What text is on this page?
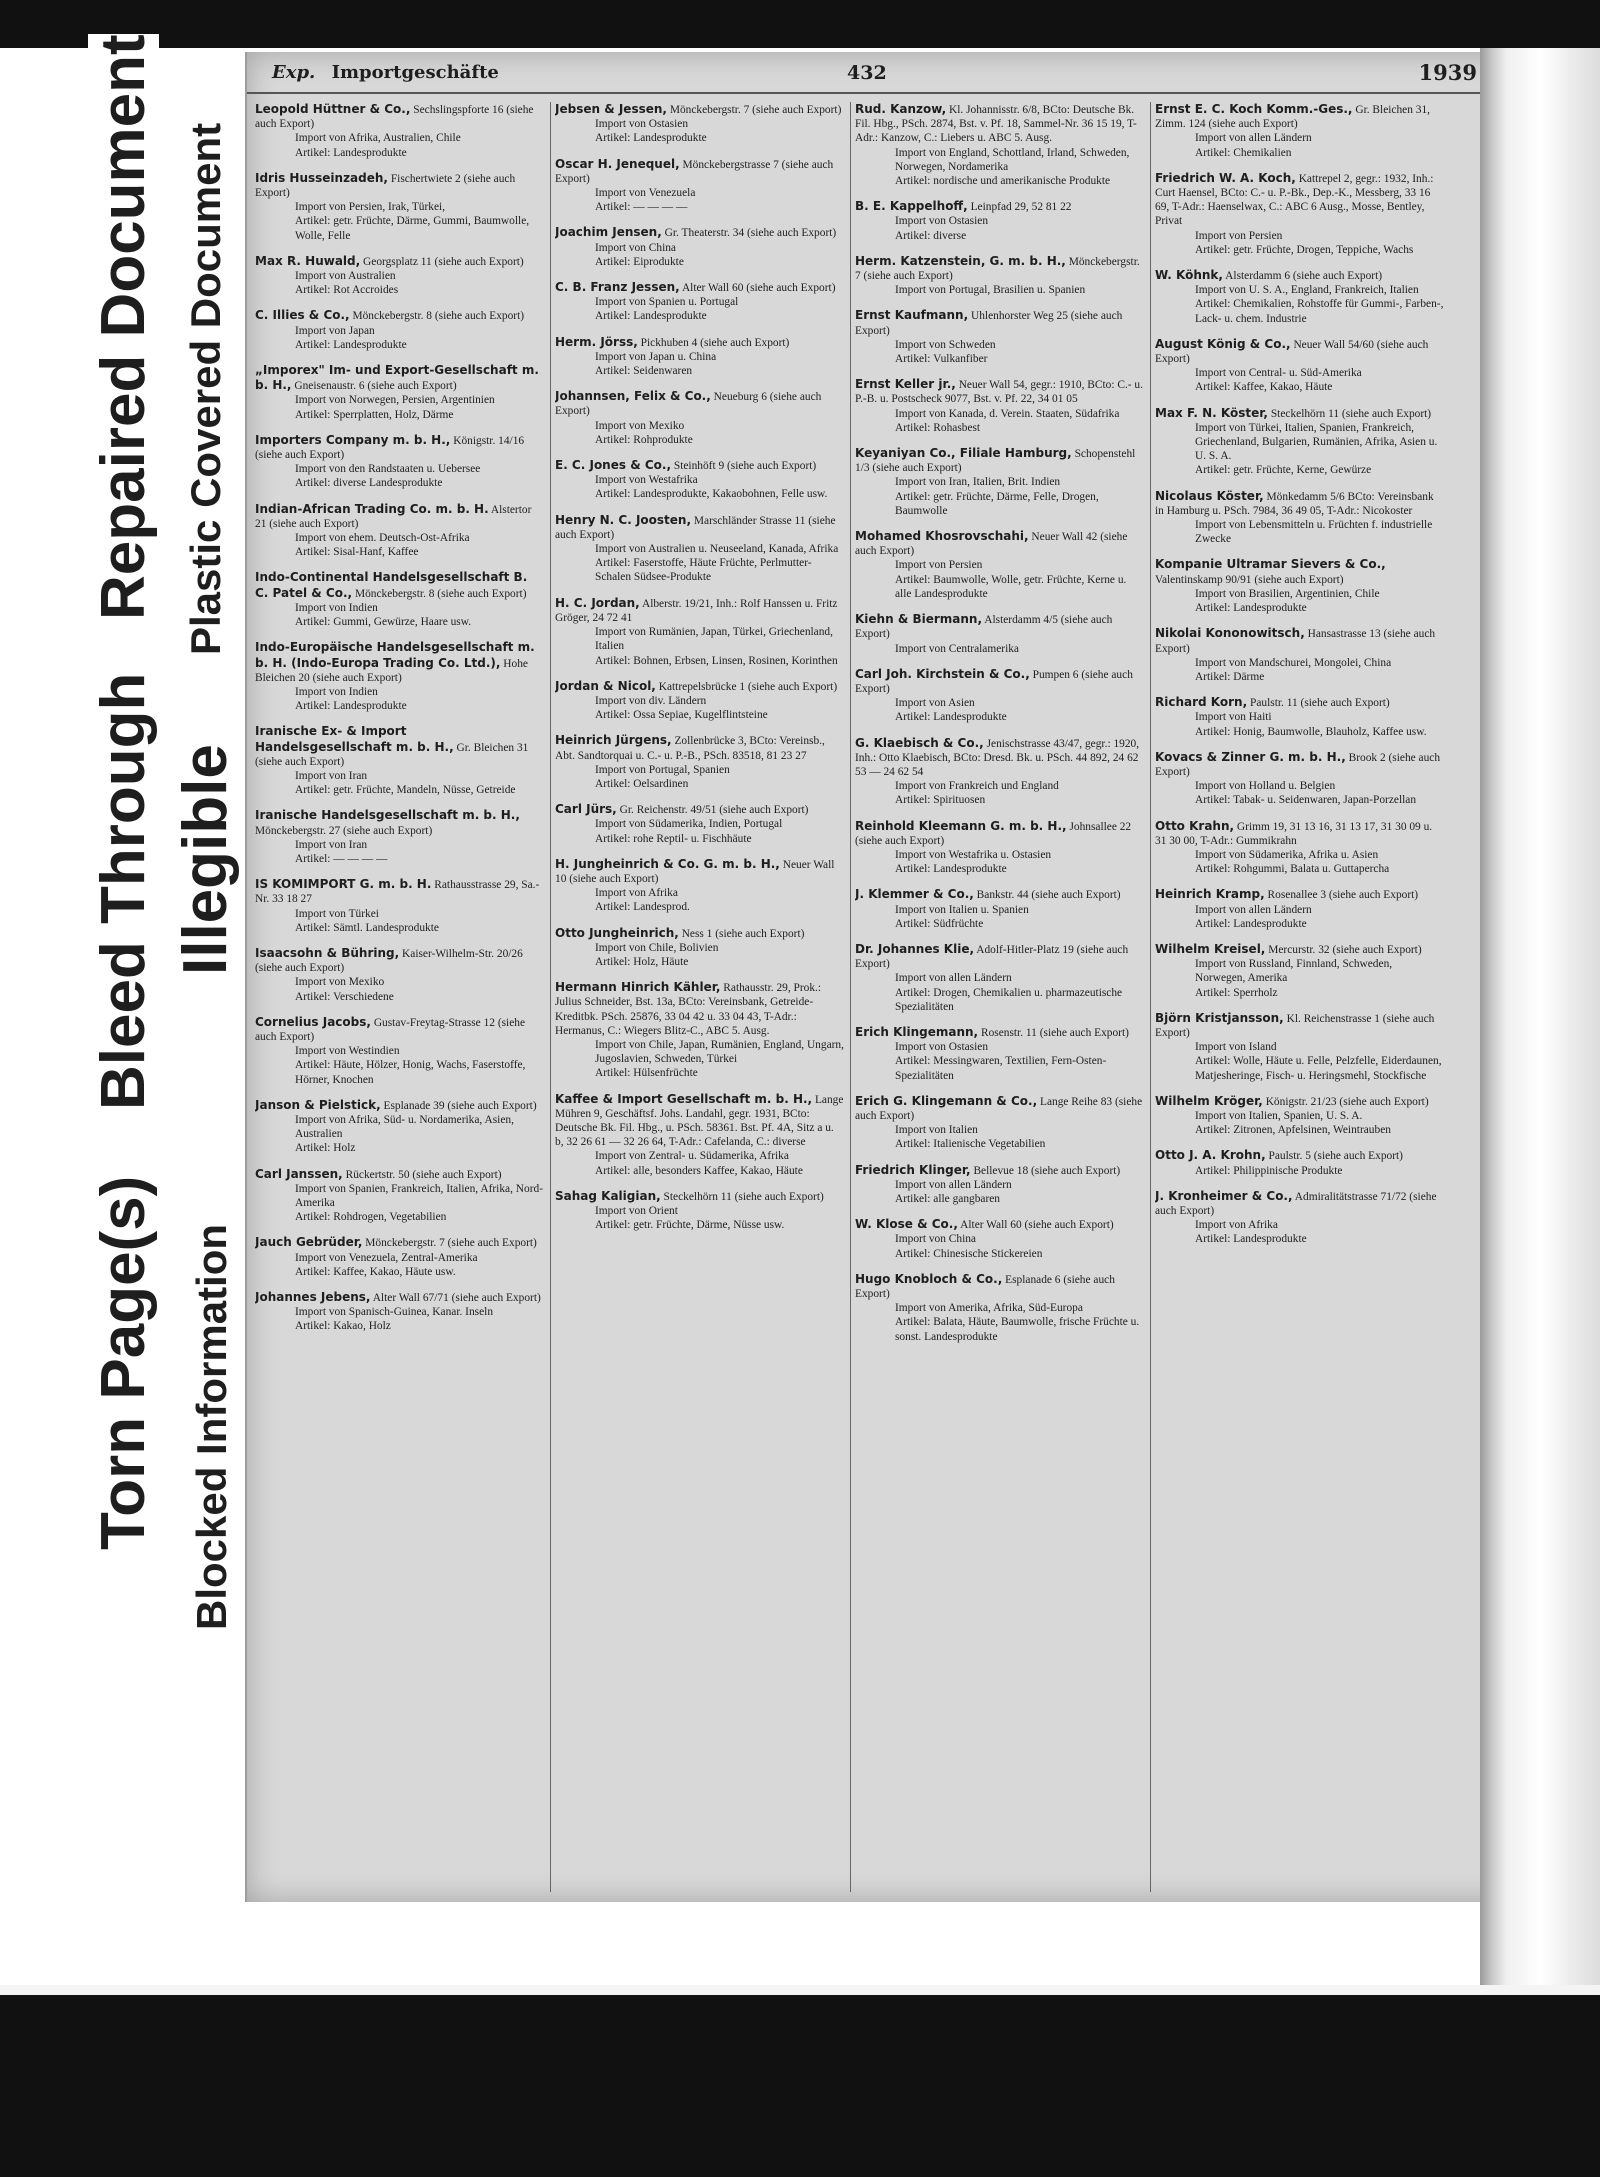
Repaired Document Plastic Covered Document
Bleed Through Illegible
Torn Page(s) Blocked Information
Exp. Importgeschäfte	432	1939
Leopold Hüttner & Co., Sechslingspforte 16 (siehe auch Export)
Import von Afrika, Australien, Chile
Artikel: Landesprodukte
Idris Husseinzadeh, Fischertwiete 2 (siehe auch Export)
Import von Persien, Irak, Türkei,
Artikel: getr. Früchte, Därme, Gummi, Baumwolle, Wolle, Felle
Max R. Huwald, Georgsplatz 11 (siehe auch Export)
Import von Australien
Artikel: Rot Accroides
C. Illies & Co., Mönckebergstr. 8 (siehe auch Export)
Import von Japan
Artikel: Landesprodukte
„Imporex" Im- und Export-Gesellschaft m. b. H., Gneisenaustr. 6 (siehe auch Export)
Import von Norwegen, Persien, Argentinien
Artikel: Sperrplatten, Holz, Därme
Importers Company m. b. H., Königstr. 14/16 (siehe auch Export)
Import von den Randstaaten u. Uebersee
Artikel: diverse Landesprodukte
Indian-African Trading Co. m. b. H. Alstertor 21 (siehe auch Export)
Import von ehem. Deutsch-Ost-Afrika
Artikel: Sisal-Hanf, Kaffee
Indo-Continental Handelsgesellschaft B. C. Patel & Co., Mönckebergstr. 8 (siehe auch Export)
Import von Indien
Artikel: Gummi, Gewürze, Haare usw.
Indo-Europäische Handelsgesellschaft m. b. H. (Indo-Europa Trading Co. Ltd.), Hohe Bleichen 20 (siehe auch Export)
Import von Indien
Artikel: Landesprodukte
Iranische Ex- & Import Handelsgesellschaft m. b. H., Gr. Bleichen 31 (siehe auch Export)
Import von Iran
Artikel: getr. Früchte, Mandeln, Nüsse, Getreide
Iranische Handelsgesellschaft m. b. H., Mönckebergstr. 27 (siehe auch Export)
Import von Iran
Artikel: — — — —
IS KOMIMPORT G. m. b. H. Rathausstrasse 29, Sa.-Nr. 33 18 27
Import von Türkei
Artikel: Sämtl. Landesprodukte
Isaacsohn & Bühring, Kaiser-Wilhelm-Str. 20/26 (siehe auch Export)
Import von Mexiko
Artikel: Verschiedene
Cornelius Jacobs, Gustav-Freytag-Strasse 12 (siehe auch Export)
Import von Westindien
Artikel: Häute, Hölzer, Honig, Wachs, Faserstoffe, Hörner, Knochen
Janson & Pielstick, Esplanade 39 (siehe auch Export)
Import von Afrika, Süd- u. Nordamerika, Asien, Australien
Artikel: Holz
Carl Janssen, Rückertstr. 50 (siehe auch Export)
Import von Spanien, Frankreich, Italien, Afrika, Nord-Amerika
Artikel: Rohdrogen, Vegetabilien
Jauch Gebrüder, Mönckebergstr. 7 (siehe auch Export)
Import von Venezuela, Zentral-Amerika
Artikel: Kaffee, Kakao, Häute usw.
Johannes Jebens, Alter Wall 67/71 (siehe auch Export)
Import von Spanisch-Guinea, Kanar. Inseln
Artikel: Kakao, Holz
Jebsen & Jessen, Mönckebergstr. 7 (siehe auch Export)
Import von Ostasien
Artikel: Landesprodukte
Oscar H. Jenequel, Mönckebergstrasse 7 (siehe auch Export)
Import von Venezuela
Artikel: — — — —
Joachim Jensen, Gr. Theaterstr. 34 (siehe auch Export)
Import von China
Artikel: Eiprodukte
C. B. Franz Jessen, Alter Wall 60 (siehe auch Export)
Import von Spanien u. Portugal
Artikel: Landesprodukte
Herm. Jörss, Pickhuben 4 (siehe auch Export)
Import von Japan u. China
Artikel: Seidenwaren
Johannsen, Felix & Co., Neueburg 6 (siehe auch Export)
Import von Mexiko
Artikel: Rohprodukte
E. C. Jones & Co., Steinhöft 9 (siehe auch Export)
Import von Westafrika
Artikel: Landesprodukte, Kakaobohnen, Felle usw.
Henry N. C. Joosten, Marschländer Strasse 11 (siehe auch Export)
Import von Australien u. Neuseeland, Kanada, Afrika
Artikel: Faserstoffe, Häute Früchte, Perlmutter-Schalen Südsee-Produkte
H. C. Jordan, Alberstr. 19/21, Inh.: Rolf Hanssen u. Fritz Gröger, 24 72 41
Import von Rumänien, Japan, Türkei, Griechenland, Italien
Artikel: Bohnen, Erbsen, Linsen, Rosinen, Korinthen
Jordan & Nicol, Kattrepelsbrücke 1 (siehe auch Export)
Import von div. Ländern
Artikel: Ossa Sepiae, Kugelflintsteine
Heinrich Jürgens, Zollenbrücke 3, BCto: Vereinsb., Abt. Sandtorquai u. C.- u. P.-B., PSch. 83518, 81 23 27
Import von Portugal, Spanien
Artikel: Oelsardinen
Carl Jürs, Gr. Reichenstr. 49/51 (siehe auch Export)
Import von Südamerika, Indien, Portugal
Artikel: rohe Reptil- u. Fischhäute
H. Jungheinrich & Co. G. m. b. H., Neuer Wall 10 (siehe auch Export)
Import von Afrika
Artikel: Landesprod.
Otto Jungheinrich, Ness 1 (siehe auch Export)
Import von Chile, Bolivien
Artikel: Holz, Häute
Hermann Hinrich Kähler, Rathausstr. 29, Prok.: Julius Schneider, Bst. 13a, BCto: Vereinsbank, Getreide-Kreditbk. PSch. 25876, 33 04 42 u. 33 04 43, T-Adr.: Hermanus, C.: Wiegers Blitz-C., ABC 5. Ausg.
Import von Chile, Japan, Rumänien, England, Ungarn, Jugoslavien, Schweden, Türkei
Artikel: Hülsenfrüchte
Kaffee & Import Gesellschaft m. b. H., Lange Mühren 9, Geschäftsf. Johs. Landahl, gegr. 1931, BCto: Deutsche Bk. Fil. Hbg., u. PSch. 58361. Bst. Pf. 4A, Sitz a u. b, 32 26 61 — 32 26 64, T-Adr.: Cafelanda, C.: diverse
Import von Zentral- u. Südamerika, Afrika
Artikel: alle, besonders Kaffee, Kakao, Häute
Sahag Kaligian, Steckelhörn 11 (siehe auch Export)
Import von Orient
Artikel: getr. Früchte, Därme, Nüsse usw.
Rud. Kanzow, Kl. Johannisstr. 6/8, BCto: Deutsche Bk. Fil. Hbg., PSch. 2874, Bst. v. Pf. 18, Sammel-Nr. 36 15 19, T-Adr.: Kanzow, C.: Liebers u. ABC 5. Ausg.
Import von England, Schottland, Irland, Schweden, Norwegen, Nordamerika
Artikel: nordische und amerikanische Produkte
B. E. Kappelhoff, Leinpfad 29, 52 81 22
Import von Ostasien
Artikel: diverse
Herm. Katzenstein, G. m. b. H., Mönckebergstr. 7 (siehe auch Export)
Import von Portugal, Brasilien u. Spanien
Ernst Kaufmann, Uhlenhorster Weg 25 (siehe auch Export)
Import von Schweden
Artikel: Vulkanfiber
Ernst Keller jr., Neuer Wall 54, gegr.: 1910, BCto: C.- u. P.-B. u. Postscheck 9077, Bst. v. Pf. 22, 34 01 05
Import von Kanada, d. Verein. Staaten, Südafrika
Artikel: Rohasbest
Keyaniyan Co., Filiale Hamburg, Schopenstehl 1/3 (siehe auch Export)
Import von Iran, Italien, Brit. Indien
Artikel: getr. Früchte, Därme, Felle, Drogen, Baumwolle
Mohamed Khosrovschahi, Neuer Wall 42 (siehe auch Export)
Import von Persien
Artikel: Baumwolle, Wolle, getr. Früchte, Kerne u. alle Landesprodukte
Kiehn & Biermann, Alsterdamm 4/5 (siehe auch Export)
Import von Centralamerika
Carl Joh. Kirchstein & Co., Pumpen 6 (siehe auch Export)
Import von Asien
Artikel: Landesprodukte
G. Klaebisch & Co., Jenischstrasse 43/47, gegr.: 1920, Inh.: Otto Klaebisch, BCto: Dresd. Bk. u. PSch. 44 892, 24 62 53 — 24 62 54
Import von Frankreich und England
Artikel: Spirituosen
Reinhold Kleemann G. m. b. H., Johnsallee 22 (siehe auch Export)
Import von Westafrika u. Ostasien
Artikel: Landesprodukte
J. Klemmer & Co., Bankstr. 44 (siehe auch Export)
Import von Italien u. Spanien
Artikel: Südfrüchte
Dr. Johannes Klie, Adolf-Hitler-Platz 19 (siehe auch Export)
Import von allen Ländern
Artikel: Drogen, Chemikalien u. pharmazeutische Spezialitäten
Erich Klingemann, Rosenstr. 11 (siehe auch Export)
Import von Ostasien
Artikel: Messingwaren, Textilien, Fern-Osten-Spezialitäten
Erich G. Klingemann & Co., Lange Reihe 83 (siehe auch Export)
Import von Italien
Artikel: Italienische Vegetabilien
Friedrich Klinger, Bellevue 18 (siehe auch Export)
Import von allen Ländern
Artikel: alle gangbaren
W. Klose & Co., Alter Wall 60 (siehe auch Export)
Import von China
Artikel: Chinesische Stickereien
Hugo Knobloch & Co., Esplanade 6 (siehe auch Export)
Import von Amerika, Afrika, Süd-Europa
Artikel: Balata, Häute, Baumwolle, frische Früchte u. sonst. Landesprodukte
Ernst E. C. Koch Komm.-Ges., Gr. Bleichen 31, Zimm. 124 (siehe auch Export)
Import von allen Ländern
Artikel: Chemikalien
Friedrich W. A. Koch, Kattrepel 2, gegr.: 1932, Inh.: Curt Haensel, BCto: C.- u. P.-Bk., Dep.-K., Messberg, 33 16 69, T-Adr.: Haenselwax, C.: ABC 6 Ausg., Mosse, Bentley, Privat
Import von Persien
Artikel: getr. Früchte, Drogen, Teppiche, Wachs
W. Köhnk, Alsterdamm 6 (siehe auch Export)
Import von U. S. A., England, Frankreich, Italien
Artikel: Chemikalien, Rohstoffe für Gummi-, Farben-, Lack- u. chem. Industrie
August König & Co., Neuer Wall 54/60 (siehe auch Export)
Import von Central- u. Süd-Amerika
Artikel: Kaffee, Kakao, Häute
Max F. N. Köster, Steckelhörn 11 (siehe auch Export)
Import von Türkei, Italien, Spanien, Frankreich, Griechenland, Bulgarien, Rumänien, Afrika, Asien u. U. S. A.
Artikel: getr. Früchte, Kerne, Gewürze
Nicolaus Köster, Mönkedamm 5/6 BCto: Vereinsbank in Hamburg u. PSch. 7984, 36 49 05, T-Adr.: Nicokoster
Import von Lebensmitteln u. Früchten f. industrielle Zwecke
Kompanie Ultramar Sievers & Co., Valentinskamp 90/91 (siehe auch Export)
Import von Brasilien, Argentinien, Chile
Artikel: Landesprodukte
Nikolai Kononowitsch, Hansastrasse 13 (siehe auch Export)
Import von Mandschurei, Mongolei, China
Artikel: Därme
Richard Korn, Paulstr. 11 (siehe auch Export)
Import von Haiti
Artikel: Honig, Baumwolle, Blauholz, Kaffee usw.
Kovacs & Zinner G. m. b. H., Brook 2 (siehe auch Export)
Import von Holland u. Belgien
Artikel: Tabak- u. Seidenwaren, Japan-Porzellan
Otto Krahn, Grimm 19, 31 13 16, 31 13 17, 31 30 09 u. 31 30 00, T-Adr.: Gummikrahn
Import von Südamerika, Afrika u. Asien
Artikel: Rohgummi, Balata u. Guttapercha
Heinrich Kramp, Rosenallee 3 (siehe auch Export)
Import von allen Ländern
Artikel: Landesprodukte
Wilhelm Kreisel, Mercurstr. 32 (siehe auch Export)
Import von Russland, Finnland, Schweden, Norwegen, Amerika
Artikel: Sperrholz
Björn Kristjansson, Kl. Reichenstrasse 1 (siehe auch Export)
Import von Island
Artikel: Wolle, Häute u. Felle, Pelzfelle, Eiderdaunen, Matjesheringe, Fisch- u. Heringsmehl, Stockfische
Wilhelm Kröger, Königstr. 21/23 (siehe auch Export)
Import von Italien, Spanien, U. S. A.
Artikel: Zitronen, Apfelsinen, Weintrauben
Otto J. A. Krohn, Paulstr. 5 (siehe auch Export)
Artikel: Philippinische Produkte
J. Kronheimer & Co., Admiralitätstrasse 71/72 (siehe auch Export)
Import von Afrika
Artikel: Landesprodukte
